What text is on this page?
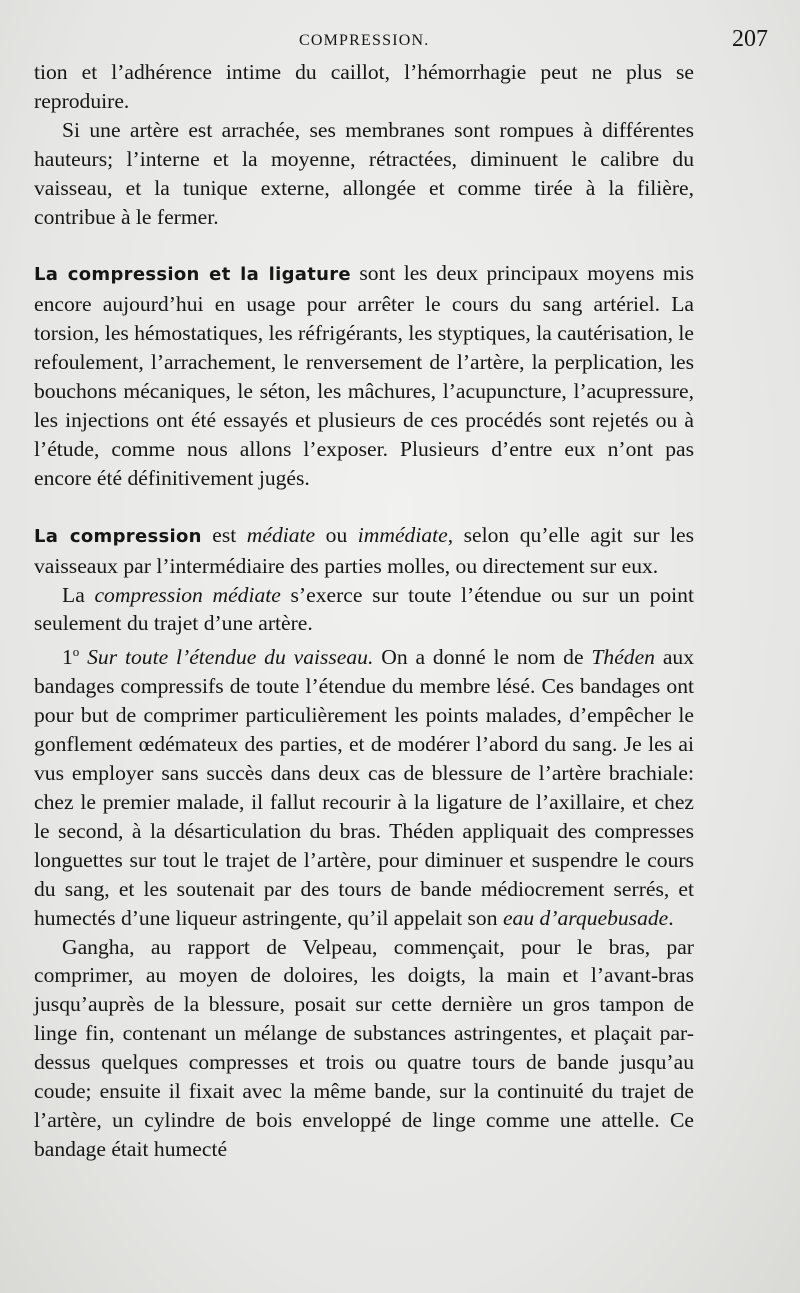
COMPRESSION.	207

tion et l’adhérence intime du caillot, l’hémorrhagie peut ne plus se reproduire.

Si une artère est arrachée, ses membranes sont rompues à différentes hauteurs; l’interne et la moyenne, rétractées, diminuent le calibre du vaisseau, et la tunique externe, allongée et comme tirée à la filière, contribue à le fermer.

La compression et la ligature sont les deux principaux moyens mis encore aujourd’hui en usage pour arrêter le cours du sang artériel. La torsion, les hémostatiques, les réfrigérants, les styptiques, la cautérisation, le refoulement, l’arrachement, le renversement de l’artère, la perplication, les bouchons mécaniques, le séton, les mâchures, l’acupuncture, l’acupressure, les injections ont été essayés et plusieurs de ces procédés sont rejetés ou à l’étude, comme nous allons l’exposer. Plusieurs d’entre eux n’ont pas encore été définitivement jugés.

La compression est médiate ou immédiate, selon qu’elle agit sur les vaisseaux par l’intermédiaire des parties molles, ou directement sur eux.

La compression médiate s’exerce sur toute l’étendue ou sur un point seulement du trajet d’une artère.

1$^o$ Sur toute l’étendue du vaisseau. On a donné le nom de Théden aux bandages compressifs de toute l’étendue du membre lésé. Ces bandages ont pour but de comprimer particulièrement les points malades, d’empêcher le gonflement œdémateux des parties, et de modérer l’abord du sang. Je les ai vus employer sans succès dans deux cas de blessure de l’artère brachiale: chez le premier malade, il fallut recourir à la ligature de l’axillaire, et chez le second, à la désarticulation du bras. Théden appliquait des compresses longuettes sur tout le trajet de l’artère, pour diminuer et suspendre le cours du sang, et les soutenait par des tours de bande médiocrement serrés, et humectés d’une liqueur astringente, qu’il appelait son eau d’arquebusade.

Gangha, au rapport de Velpeau, commençait, pour le bras, par comprimer, au moyen de doloires, les doigts, la main et l’avant-bras jusqu’auprès de la blessure, posait sur cette dernière un gros tampon de linge fin, contenant un mélange de substances astringentes, et plaçait par-dessus quelques compresses et trois ou quatre tours de bande jusqu’au coude; ensuite il fixait avec la même bande, sur la continuité du trajet de l’artère, un cylindre de bois enveloppé de linge comme une attelle. Ce bandage était humecté
